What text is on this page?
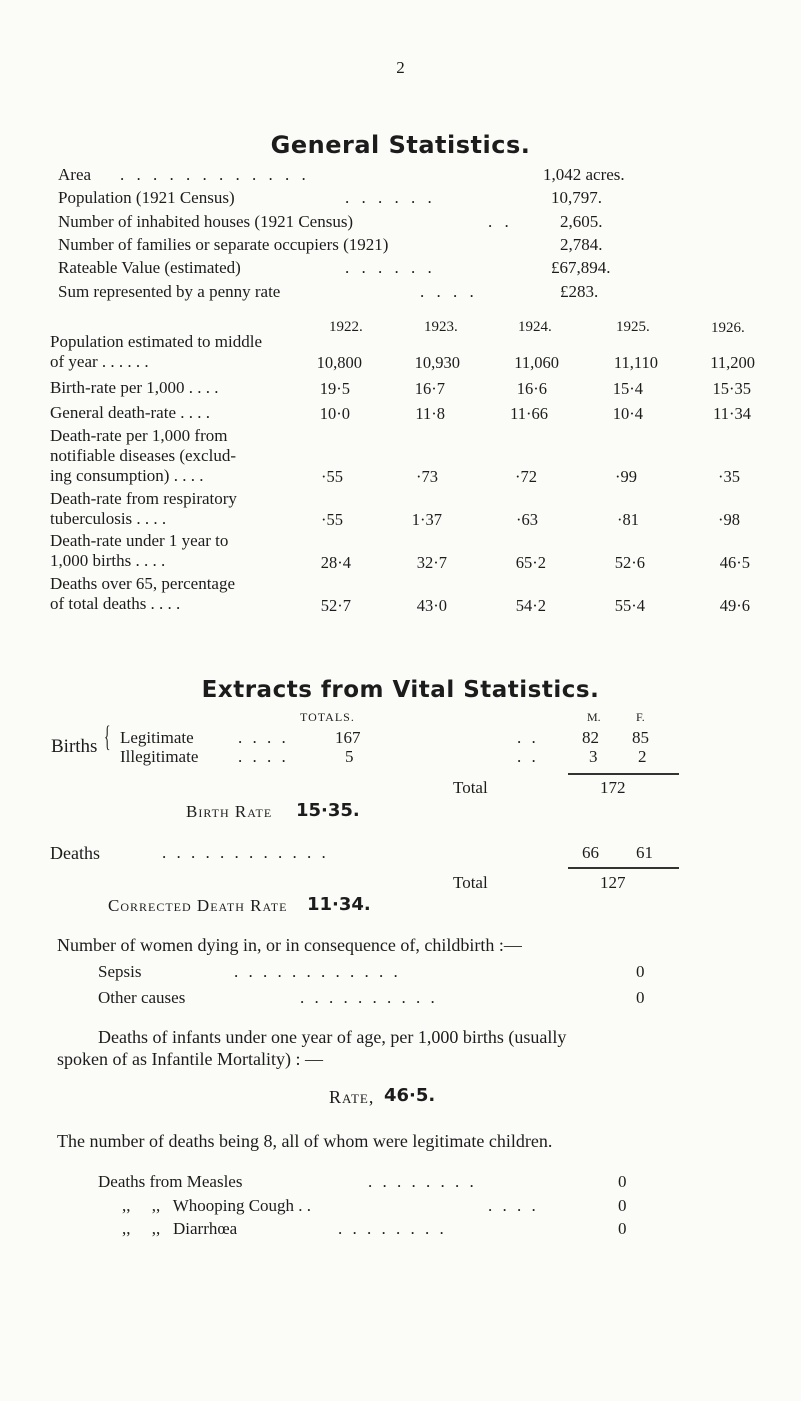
2
General Statistics.
Area . . . . . . . . . . . .	1,042 acres.
Population (1921 Census)	. . . . . .	10,797.
Number of inhabited houses (1921 Census)	. .	2,605.
Number of families or separate occupiers (1921)	2,784.
Rateable Value (estimated)	. . . . . .	£67,894.
Sum represented by a penny rate	. . . .	£283.
1922.	1923.	1924.	1925.	1926.
Population estimated to middle
of year . . . . . .	10,800	10,930	11,060	11,110	11,200
Birth-rate per 1,000 . . . .	19·5	16·7	16·6	15·4	15·35
General death-rate . . . .	10·0	11·8	11·66	10·4	11·34
Death-rate per 1,000 from
notifiable diseases (exclud-
ing consumption) . . . .	·55	·73	·72	·99	·35
Death-rate from respiratory
tuberculosis . . . .	·55	1·37	·63	·81	·98
Death-rate under 1 year to
1,000 births . . . .	28·4	32·7	65·2	52·6	46·5
Deaths over 65, percentage
of total deaths . . . .	52·7	43·0	54·2	55·4	49·6
Extracts from Vital Statistics.
TOTALS.	M.	F.
Births { Legitimate	. . . .	167	. .	82 85
Illegitimate . . . .	5	. .	3 2
Total	172
Birth Rate 15·35.
Deaths	. . . . . . . . . . . .	66 61
Total	127
Corrected Death Rate 11·34.
Number of women dying in, or in consequence of, childbirth :—
Sepsis	. . . . . . . . . . . .	0
Other causes	. . . . . . . . . .	0
Deaths of infants under one year of age, per 1,000 births (usually
spoken of as Infantile Mortality) : —
Rate, 46·5.
The number of deaths being 8, all of whom were legitimate children.
Deaths from Measles	. . . . . . . .	0
,,     ,,   Whooping Cough . .	. . . .	0
,,     ,,   Diarrhœa	. . . . . . . .	0
